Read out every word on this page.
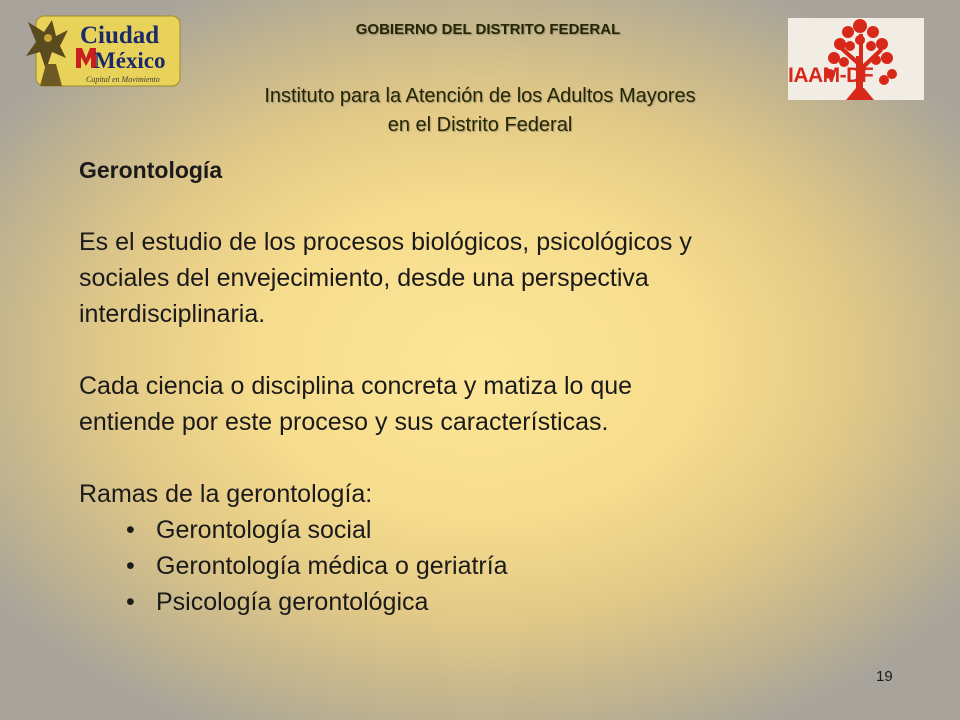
Ciudad
México
Capital en Movimiento
GOBIERNO DEL DISTRITO FEDERAL
Instituto para la Atención de los Adultos Mayores
en el Distrito Federal
IAAM-DF

Gerontología

Es el estudio de los procesos biológicos, psicológicos y

sociales del envejecimiento, desde una perspectiva

interdisciplinaria.

Cada ciencia o disciplina concreta y matiza lo que

entiende por este proceso y sus características.

Ramas de la gerontología:

• Gerontología social
• Gerontología médica o geriatría
• Psicología gerontológica
19
